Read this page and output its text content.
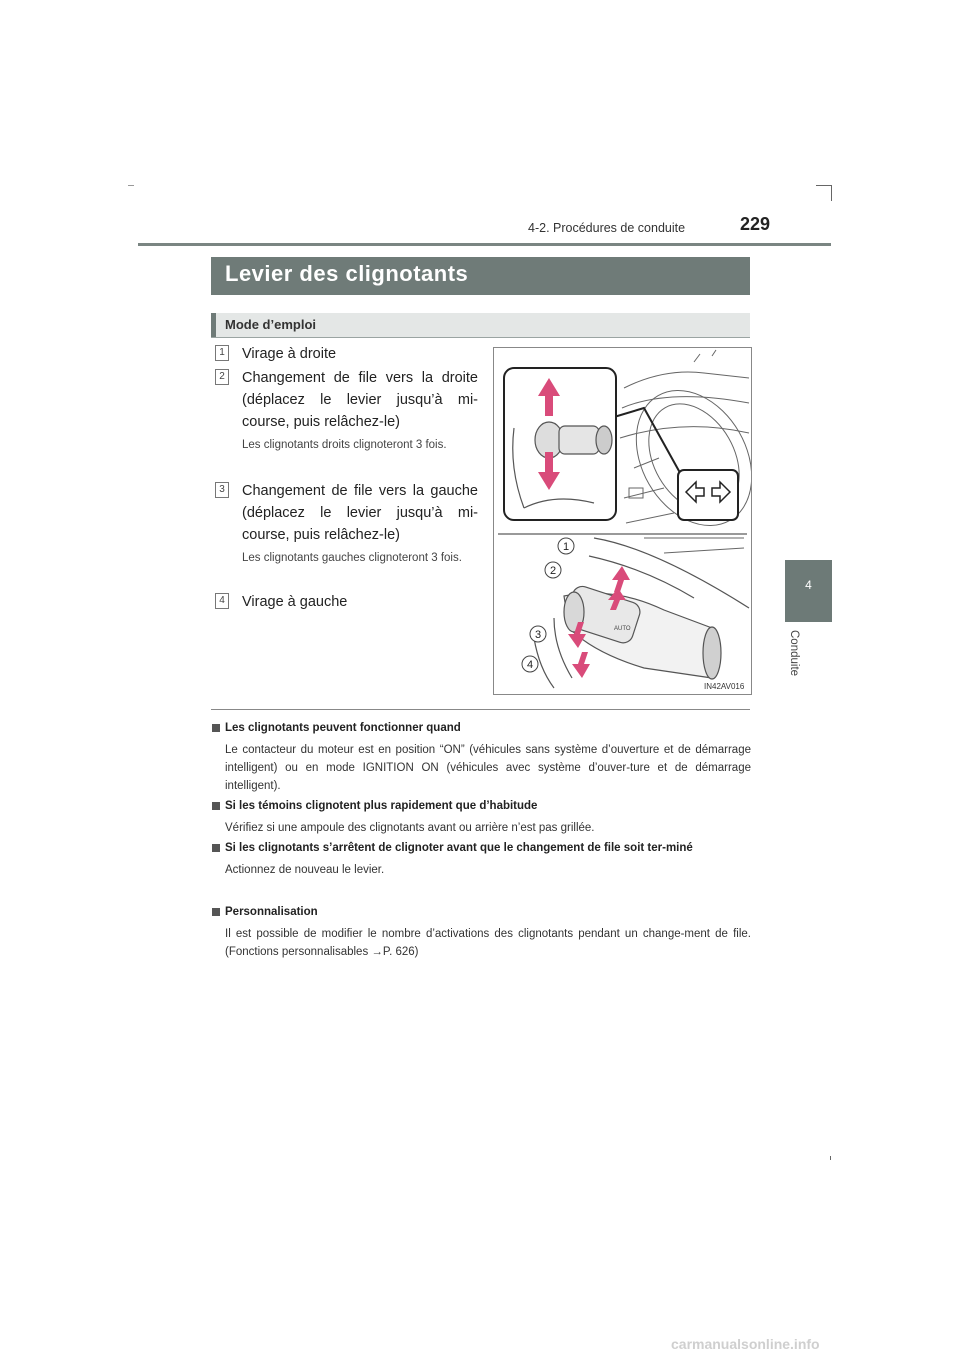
4-2. Procédures de conduite	229
4
Conduite
Levier des clignotants
Mode d’emploi
1 Virage à droite
2 Changement de file vers la droite (déplacez le levier jusqu’à mi-course, puis relâchez-le)
Les clignotants droits clignoteront 3 fois.
3 Changement de file vers la gauche (déplacez le levier jusqu’à mi-course, puis relâchez-le)
Les clignotants gauches clignoteront 3 fois.
4 Virage à gauche
AUTO
1
2
3
4
IN42AV016
Les clignotants peuvent fonctionner quand
Le contacteur du moteur est en position “ON” (véhicules sans système d’ouverture et de démarrage intelligent) ou en mode IGNITION ON (véhicules avec système d’ouver-ture et de démarrage intelligent).
Si les témoins clignotent plus rapidement que d’habitude
Vérifiez si une ampoule des clignotants avant ou arrière n’est pas grillée.
Si les clignotants s’arrêtent de clignoter avant que le changement de file soit ter-miné
Actionnez de nouveau le levier.
Personnalisation
Il est possible de modifier le nombre d’activations des clignotants pendant un change-ment de file. (Fonctions personnalisables →P. 626)
carmanualsonline.info
